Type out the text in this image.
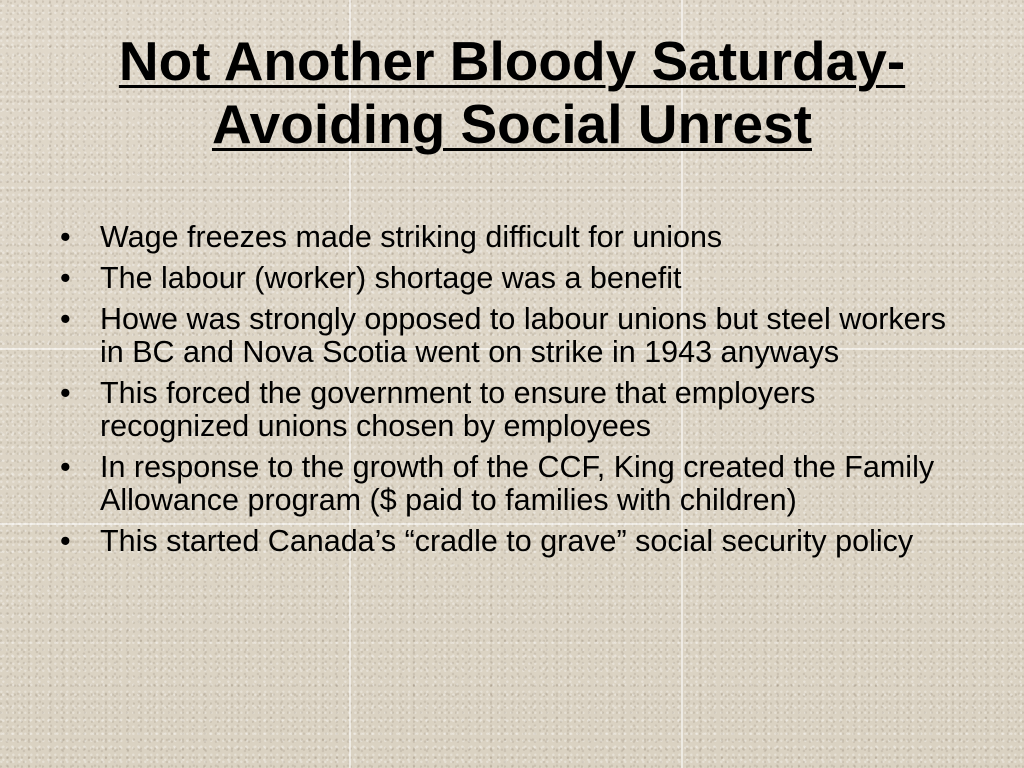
Not Another Bloody Saturday-
Avoiding Social Unrest
• Wage freezes made striking difficult for unions
• The labour (worker) shortage was a benefit
• Howe was strongly opposed to labour unions but steel workers in BC and Nova Scotia went on strike in 1943 anyways
• This forced the government to ensure that employers recognized unions chosen by employees
• In response to the growth of the CCF, King created the Family Allowance program ($ paid to families with children)
• This started Canada’s “cradle to grave” social security policy
